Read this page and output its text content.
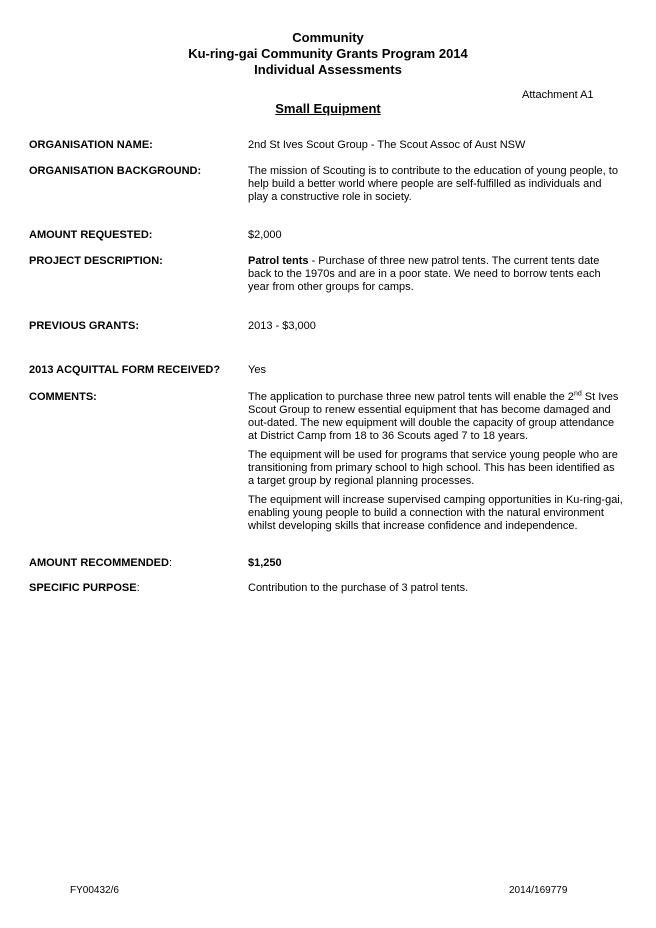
Community
Ku-ring-gai Community Grants Program 2014
Individual Assessments
Attachment A1
Small Equipment
ORGANISATION NAME:	2nd St Ives Scout Group - The Scout Assoc of Aust NSW
ORGANISATION BACKGROUND:	The mission of Scouting is to contribute to the education of young people, to help build a better world where people are self-fulfilled as individuals and play a constructive role in society.
AMOUNT REQUESTED:	$2,000
PROJECT DESCRIPTION:	Patrol tents - Purchase of three new patrol tents. The current tents date back to the 1970s and are in a poor state. We need to borrow tents each year from other groups for camps.
PREVIOUS GRANTS:	2013 - $3,000
2013 ACQUITTAL FORM RECEIVED?	Yes
COMMENTS:	The application to purchase three new patrol tents will enable the 2nd St Ives Scout Group to renew essential equipment that has become damaged and out-dated. The new equipment will double the capacity of group attendance at District Camp from 18 to 36 Scouts aged 7 to 18 years.

The equipment will be used for programs that service young people who are transitioning from primary school to high school. This has been identified as a target group by regional planning processes.

The equipment will increase supervised camping opportunities in Ku-ring-gai, enabling young people to build a connection with the natural environment whilst developing skills that increase confidence and independence.

AMOUNT RECOMMENDED:	$1,250
SPECIFIC PURPOSE:	Contribution to the purchase of 3 patrol tents.
FY00432/6	2014/169779
